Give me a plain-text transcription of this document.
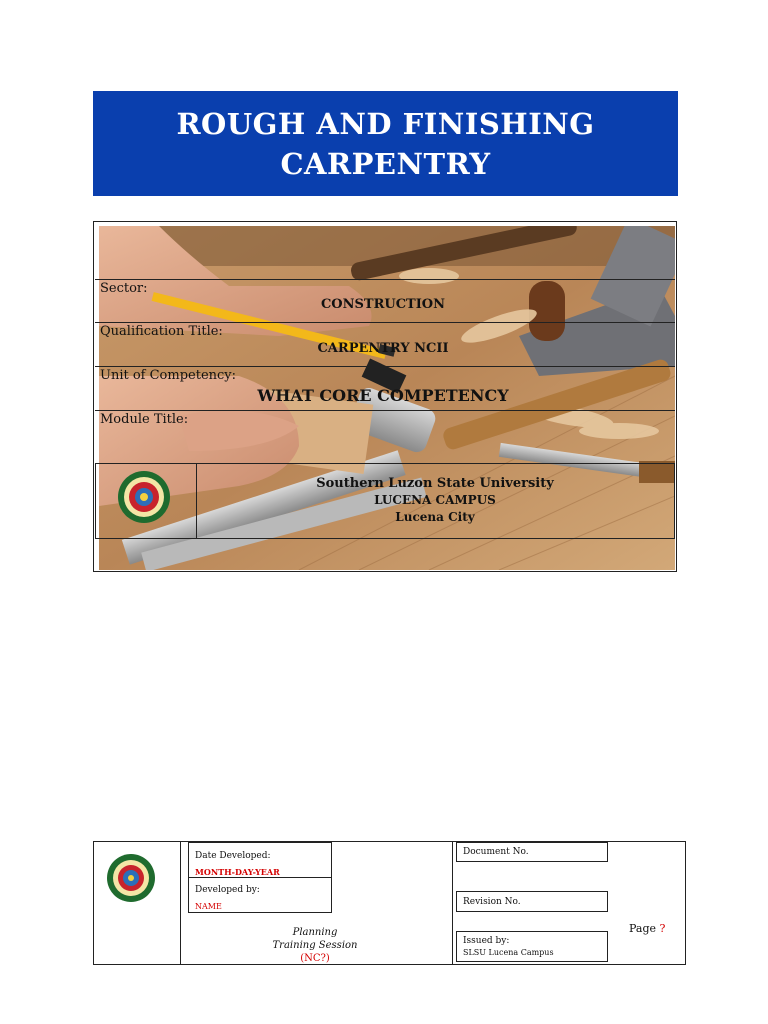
ROUGH AND FINISHING
CARPENTRY
Sector:
CONSTRUCTION
Qualification Title:
CARPENTRY NCII
Unit of Competency:
WHAT CORE COMPETENCY
Module Title:
Southern Luzon State University
LUCENA CAMPUS
Lucena City
Date Developed:
MONTH-DAY-YEAR
Developed by:
NAME
Planning
Training Session
(NC?)
Document No.
Revision No.
Issued by:
SLSU Lucena Campus
Page ?
